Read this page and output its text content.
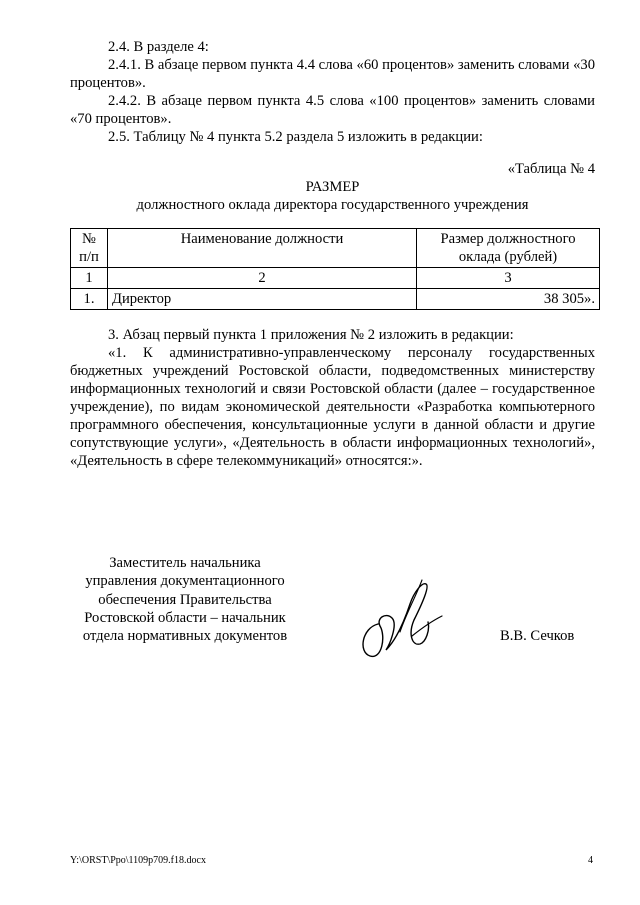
2.4. В разделе 4:

2.4.1. В абзаце первом пункта 4.4 слова «60 процентов» заменить словами «30 процентов».

2.4.2. В абзаце первом пункта 4.5 слова «100 процентов» заменить словами «70 процентов».

2.5. Таблицу № 4 пункта 5.2 раздела 5 изложить в редакции:

«Таблица № 4

РАЗМЕР

должностного оклада директора государственного учреждения

№ п/п	Наименование должности	Размер должностного оклада (рублей)
1	2	3
1.	Директор	38 305».

3. Абзац первый пункта 1 приложения № 2 изложить в редакции:

«1. К административно-управленческому персоналу государственных бюджетных учреждений Ростовской области, подведомственных министерству информационных технологий и связи Ростовской области (далее – государственное учреждение), по видам экономической деятельности «Разработка компьютерного программного обеспечения, консультационные услуги в данной области и другие сопутствующие услуги», «Деятельность в области информационных технологий», «Деятельность в сфере телекоммуникаций» относятся:».

Заместитель начальника
управления документационного
обеспечения Правительства
Ростовской области – начальник
отдела нормативных документов	В.В. Сечков
Y:\ORST\Ppo\1109p709.f18.docx	4
